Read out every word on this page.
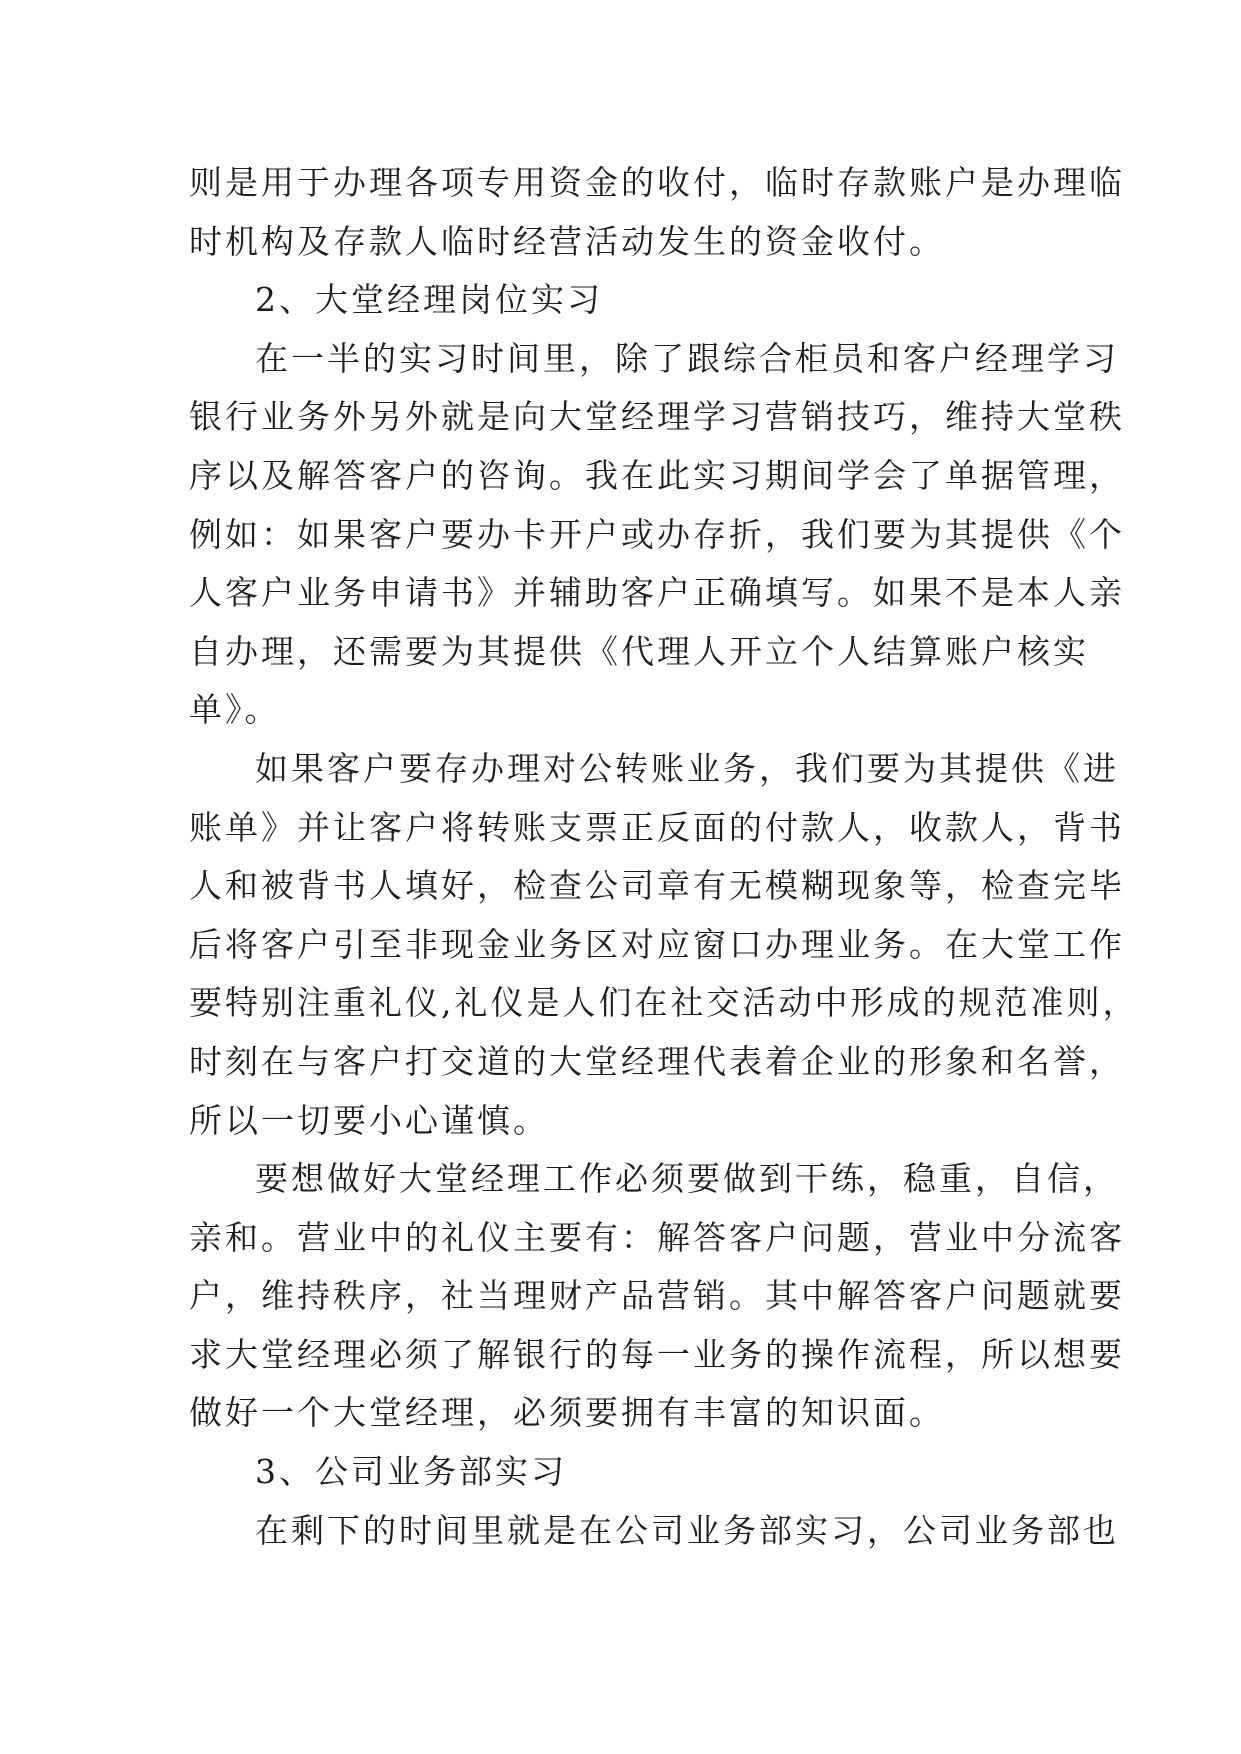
则是用于办理各项专用资金的收付，临时存款账户是办理临
时机构及存款人临时经营活动发生的资金收付。
2、大堂经理岗位实习
在一半的实习时间里，除了跟综合柜员和客户经理学习
银行业务外另外就是向大堂经理学习营销技巧，维持大堂秩
序以及解答客户的咨询。我在此实习期间学会了单据管理，
例如：如果客户要办卡开户或办存折，我们要为其提供《个
人客户业务申请书》并辅助客户正确填写。如果不是本人亲
自办理，还需要为其提供《代理人开立个人结算账户核实
单》。
如果客户要存办理对公转账业务，我们要为其提供《进
账单》并让客户将转账支票正反面的付款人，收款人，背书
人和被背书人填好，检查公司章有无模糊现象等，检查完毕
后将客户引至非现金业务区对应窗口办理业务。在大堂工作
要特别注重礼仪,礼仪是人们在社交活动中形成的规范准则，
时刻在与客户打交道的大堂经理代表着企业的形象和名誉，
所以一切要小心谨慎。
要想做好大堂经理工作必须要做到干练，稳重，自信，
亲和。营业中的礼仪主要有：解答客户问题，营业中分流客
户，维持秩序，社当理财产品营销。其中解答客户问题就要
求大堂经理必须了解银行的每一业务的操作流程，所以想要
做好一个大堂经理，必须要拥有丰富的知识面。
3、公司业务部实习
在剩下的时间里就是在公司业务部实习，公司业务部也
